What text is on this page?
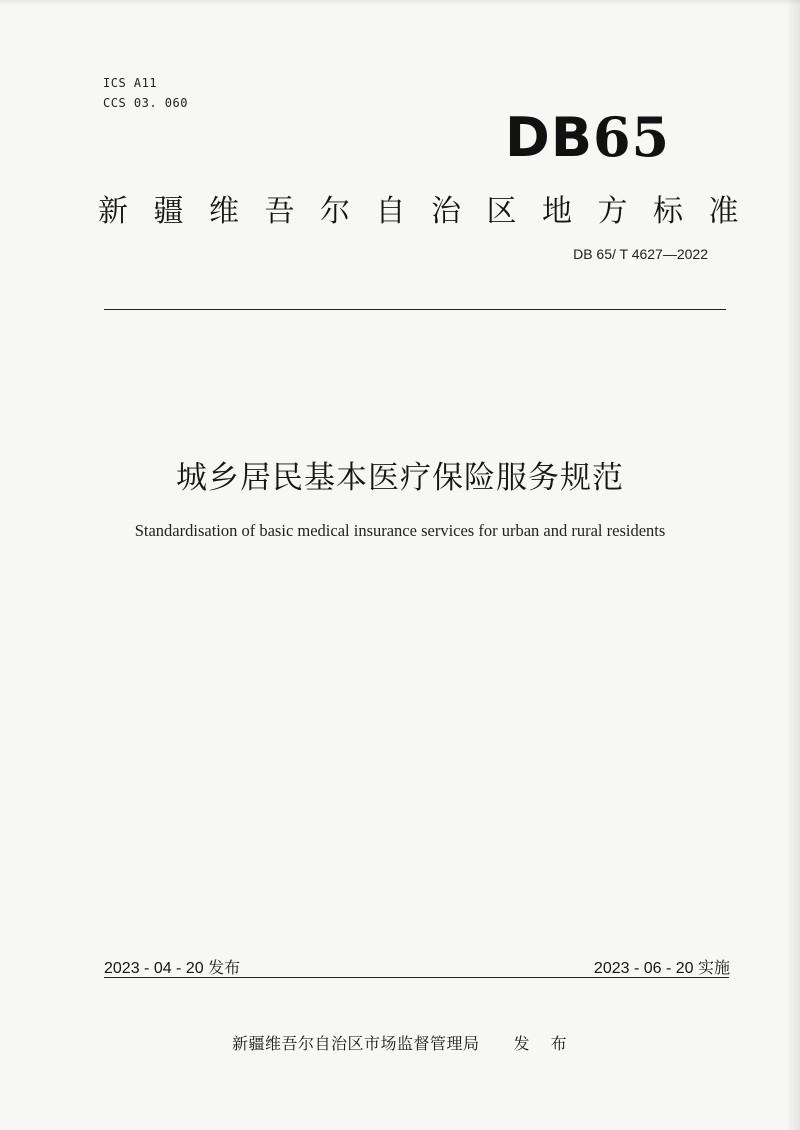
ICS A11
CCS 03. 060
DB65
新疆维吾尔自治区地方标准
DB 65/ T 4627—2022
城乡居民基本医疗保险服务规范
Standardisation of basic medical insurance services for urban and rural residents
2023 - 04 - 20 发布	2023 - 06 - 20 实施
新疆维吾尔自治区市场监督管理局 发 布
